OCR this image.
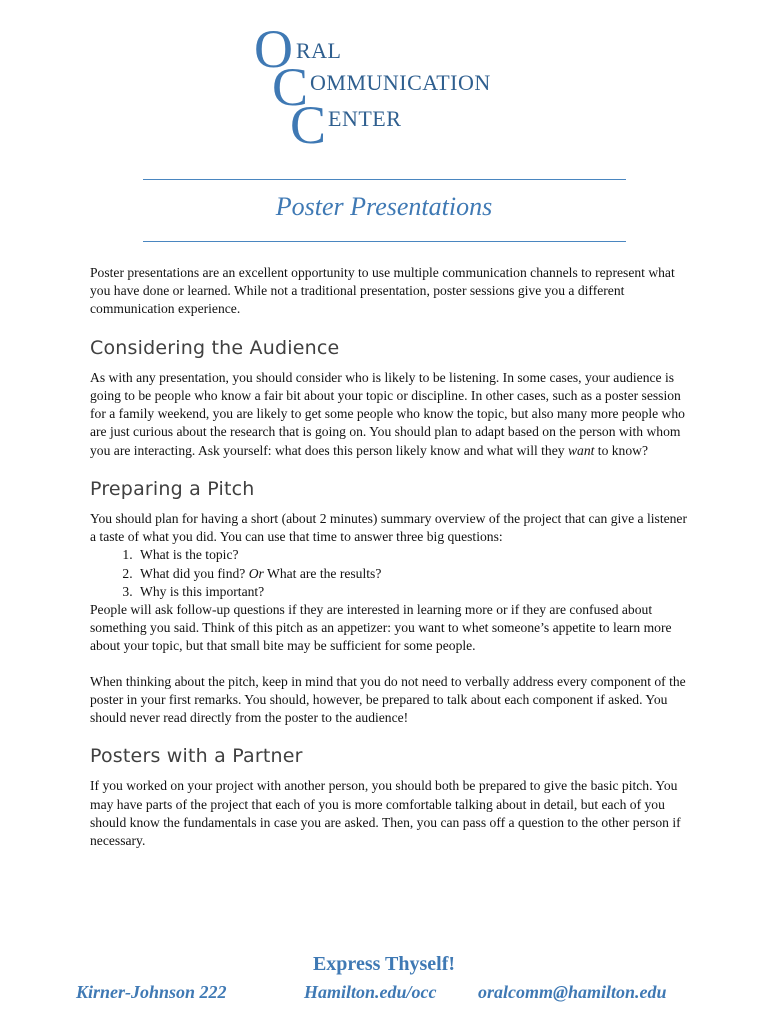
O RAL
C OMMUNICATION
C ENTER
Poster Presentations

Poster presentations are an excellent opportunity to use multiple communication channels to represent what you have done or learned. While not a traditional presentation, poster sessions give you a different communication experience.

Considering the Audience

As with any presentation, you should consider who is likely to be listening. In some cases, your audience is going to be people who know a fair bit about your topic or discipline. In other cases, such as a poster session for a family weekend, you are likely to get some people who know the topic, but also many more people who are just curious about the research that is going on. You should plan to adapt based on the person with whom you are interacting. Ask yourself: what does this person likely know and what will they want to know?

Preparing a Pitch

You should plan for having a short (about 2 minutes) summary overview of the project that can give a listener a taste of what you did. You can use that time to answer three big questions:

1. What is the topic?
2. What did you find? Or What are the results?
3. Why is this important?

People will ask follow-up questions if they are interested in learning more or if they are confused about something you said. Think of this pitch as an appetizer: you want to whet someone’s appetite to learn more about your topic, but that small bite may be sufficient for some people.

When thinking about the pitch, keep in mind that you do not need to verbally address every component of the poster in your first remarks. You should, however, be prepared to talk about each component if asked. You should never read directly from the poster to the audience!

Posters with a Partner

If you worked on your project with another person, you should both be prepared to give the basic pitch. You may have parts of the project that each of you is more comfortable talking about in detail, but each of you should know the fundamentals in case you are asked. Then, you can pass off a question to the other person if necessary.

Express Thyself!
Kirner-Johnson 222	Hamilton.edu/occ oralcomm@hamilton.edu
